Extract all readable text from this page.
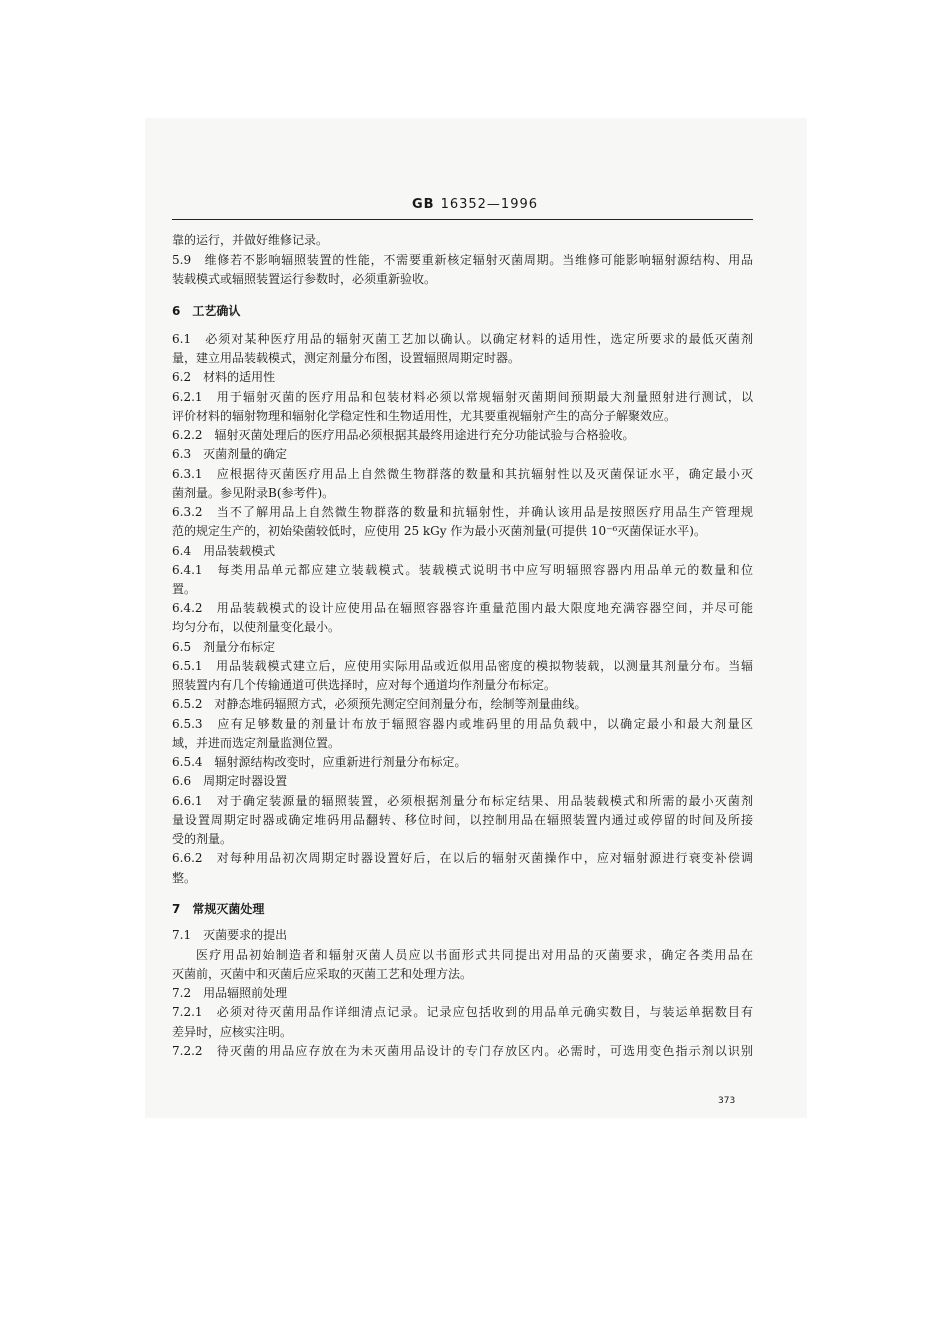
GB 16352—1996
靠的运行，并做好维修记录。
5.9　维修若不影响辐照装置的性能，不需要重新核定辐射灭菌周期。当维修可能影响辐射源结构、用品
装载模式或辐照装置运行参数时，必须重新验收。
6　工艺确认
6.1　必须对某种医疗用品的辐射灭菌工艺加以确认。以确定材料的适用性，选定所要求的最低灭菌剂
量，建立用品装载模式，测定剂量分布图，设置辐照周期定时器。
6.2　材料的适用性
6.2.1　用于辐射灭菌的医疗用品和包装材料必须以常规辐射灭菌期间预期最大剂量照射进行测试，以
评价材料的辐射物理和辐射化学稳定性和生物适用性，尤其要重视辐射产生的高分子解聚效应。
6.2.2　辐射灭菌处理后的医疗用品必须根据其最终用途进行充分功能试验与合格验收。
6.3　灭菌剂量的确定
6.3.1　应根据待灭菌医疗用品上自然微生物群落的数量和其抗辐射性以及灭菌保证水平，确定最小灭
菌剂量。参见附录B(参考件)。
6.3.2　当不了解用品上自然微生物群落的数量和抗辐射性，并确认该用品是按照医疗用品生产管理规
范的规定生产的，初始染菌较低时，应使用 25 kGy 作为最小灭菌剂量(可提供 10⁻⁶灭菌保证水平)。
6.4　用品装载模式
6.4.1　每类用品单元都应建立装载模式。装载模式说明书中应写明辐照容器内用品单元的数量和位
置。
6.4.2　用品装载模式的设计应使用品在辐照容器容许重量范围内最大限度地充满容器空间，并尽可能
均匀分布，以使剂量变化最小。
6.5　剂量分布标定
6.5.1　用品装载模式建立后，应使用实际用品或近似用品密度的模拟物装载，以测量其剂量分布。当辐
照装置内有几个传输通道可供选择时，应对每个通道均作剂量分布标定。
6.5.2　对静态堆码辐照方式，必须预先测定空间剂量分布，绘制等剂量曲线。
6.5.3　应有足够数量的剂量计布放于辐照容器内或堆码里的用品负载中，以确定最小和最大剂量区
域，并进而选定剂量监测位置。
6.5.4　辐射源结构改变时，应重新进行剂量分布标定。
6.6　周期定时器设置
6.6.1　对于确定装源量的辐照装置，必须根据剂量分布标定结果、用品装载模式和所需的最小灭菌剂
量设置周期定时器或确定堆码用品翻转、移位时间，以控制用品在辐照装置内通过或停留的时间及所接
受的剂量。
6.6.2　对每种用品初次周期定时器设置好后，在以后的辐射灭菌操作中，应对辐射源进行衰变补偿调
整。
7　常规灭菌处理
7.1　灭菌要求的提出
医疗用品初始制造者和辐射灭菌人员应以书面形式共同提出对用品的灭菌要求，确定各类用品在
灭菌前，灭菌中和灭菌后应采取的灭菌工艺和处理方法。
7.2　用品辐照前处理
7.2.1　必须对待灭菌用品作详细清点记录。记录应包括收到的用品单元确实数目，与装运单据数目有
差异时，应核实注明。
7.2.2　待灭菌的用品应存放在为未灭菌用品设计的专门存放区内。必需时，可选用变色指示剂以识别
373
